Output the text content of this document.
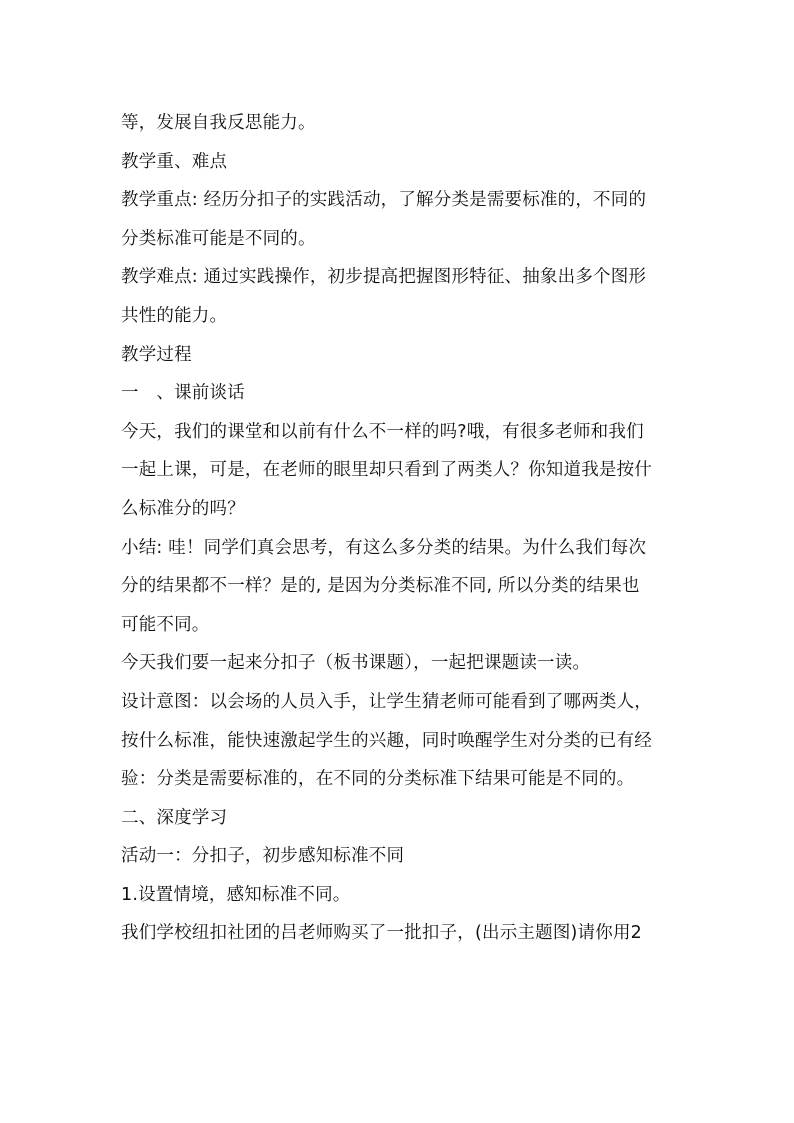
等，发展自我反思能力。
教学重、难点
教学重点: 经历分扣子的实践活动，了解分类是需要标准的，不同的
分类标准可能是不同的。
教学难点: 通过实践操作，初步提高把握图形特征、抽象出多个图形
共性的能力。
教学过程
一　、课前谈话
今天，我们的课堂和以前有什么不一样的吗?哦，有很多老师和我们
一起上课，可是，在老师的眼里却只看到了两类人？你知道我是按什
么标准分的吗？
小结: 哇！同学们真会思考，有这么多分类的结果。为什么我们每次
分的结果都不一样？是的, 是因为分类标准不同, 所以分类的结果也
可能不同。
今天我们要一起来分扣子（板书课题），一起把课题读一读。
设计意图：以会场的人员入手，让学生猜老师可能看到了哪两类人，
按什么标准，能快速激起学生的兴趣，同时唤醒学生对分类的已有经
验：分类是需要标准的，在不同的分类标准下结果可能是不同的。
二、深度学习
活动一：分扣子，初步感知标准不同
1.设置情境，感知标准不同。
我们学校纽扣社团的吕老师购买了一批扣子，(出示主题图)请你用2
